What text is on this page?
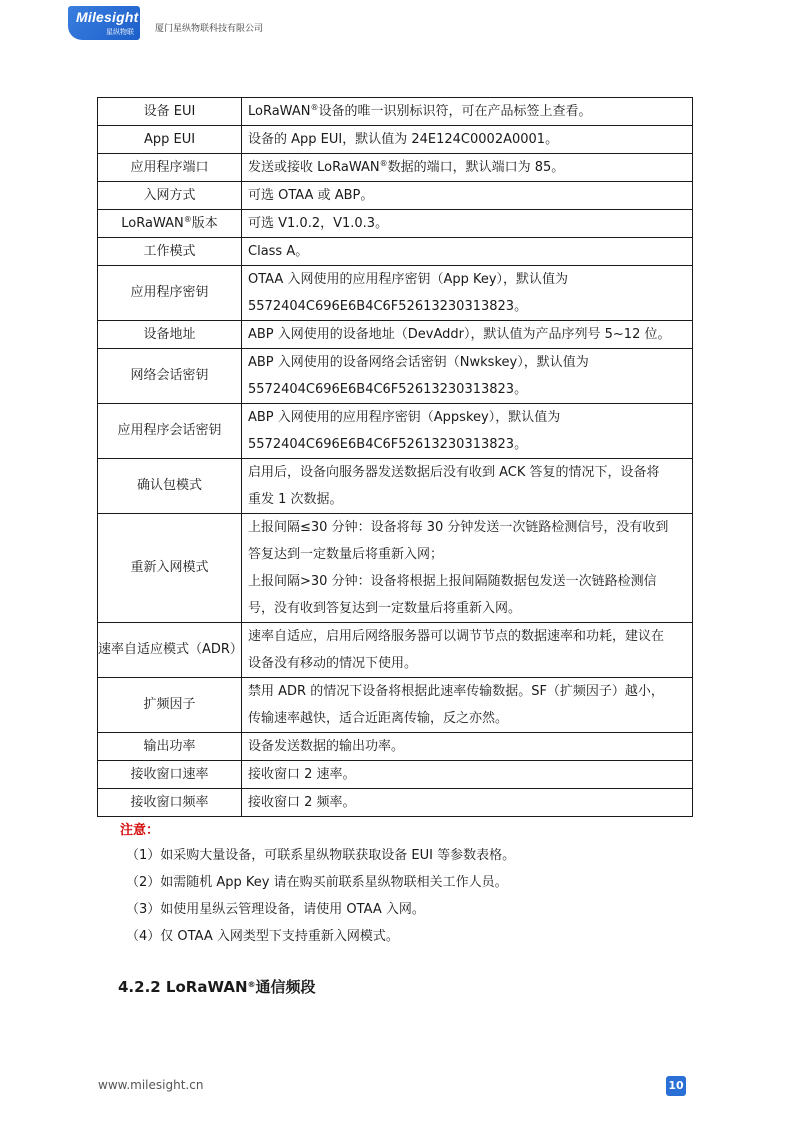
Milesight
星纵物联 厦门星纵物联科技有限公司
设备 EUI	LoRaWAN®设备的唯一识别标识符，可在产品标签上查看。

App EUI	设备的 App EUI，默认值为 24E124C0002A0001。

应用程序端口	发送或接收 LoRaWAN®数据的端口，默认端口为 85。

入网方式	可选 OTAA 或 ABP。

LoRaWAN®版本	可选 V1.0.2，V1.0.3。

工作模式	Class A。

应用程序密钥	OTAA 入网使用的应用程序密钥（App Key），默认值为
5572404C696E6B4C6F52613230313823。

设备地址	ABP 入网使用的设备地址（DevAddr），默认值为产品序列号 5~12 位。

网络会话密钥	ABP 入网使用的设备网络会话密钥（Nwkskey），默认值为
5572404C696E6B4C6F52613230313823。

应用程序会话密钥	ABP 入网使用的应用程序密钥（Appskey），默认值为
5572404C696E6B4C6F52613230313823。

确认包模式	启用后，设备向服务器发送数据后没有收到 ACK 答复的情况下，设备将
重发 1 次数据。

重新入网模式	上报间隔≤30 分钟：设备将每 30 分钟发送一次链路检测信号，没有收到
答复达到一定数量后将重新入网；
上报间隔>30 分钟：设备将根据上报间隔随数据包发送一次链路检测信
号，没有收到答复达到一定数量后将重新入网。

速率自适应模式（ADR）	速率自适应，启用后网络服务器可以调节节点的数据速率和功耗，建议在
设备没有移动的情况下使用。

扩频因子	禁用 ADR 的情况下设备将根据此速率传输数据。SF（扩频因子）越小，
传输速率越快，适合近距离传输，反之亦然。

输出功率	设备发送数据的输出功率。

接收窗口速率	接收窗口 2 速率。

接收窗口频率	接收窗口 2 频率。
注意：
（1）如采购大量设备，可联系星纵物联获取设备 EUI 等参数表格。
（2）如需随机 App Key 请在购买前联系星纵物联相关工作人员。
（3）如使用星纵云管理设备，请使用 OTAA 入网。
（4）仅 OTAA 入网类型下支持重新入网模式。
4.2.2 LoRaWAN®通信频段
www.milesight.cn	10
